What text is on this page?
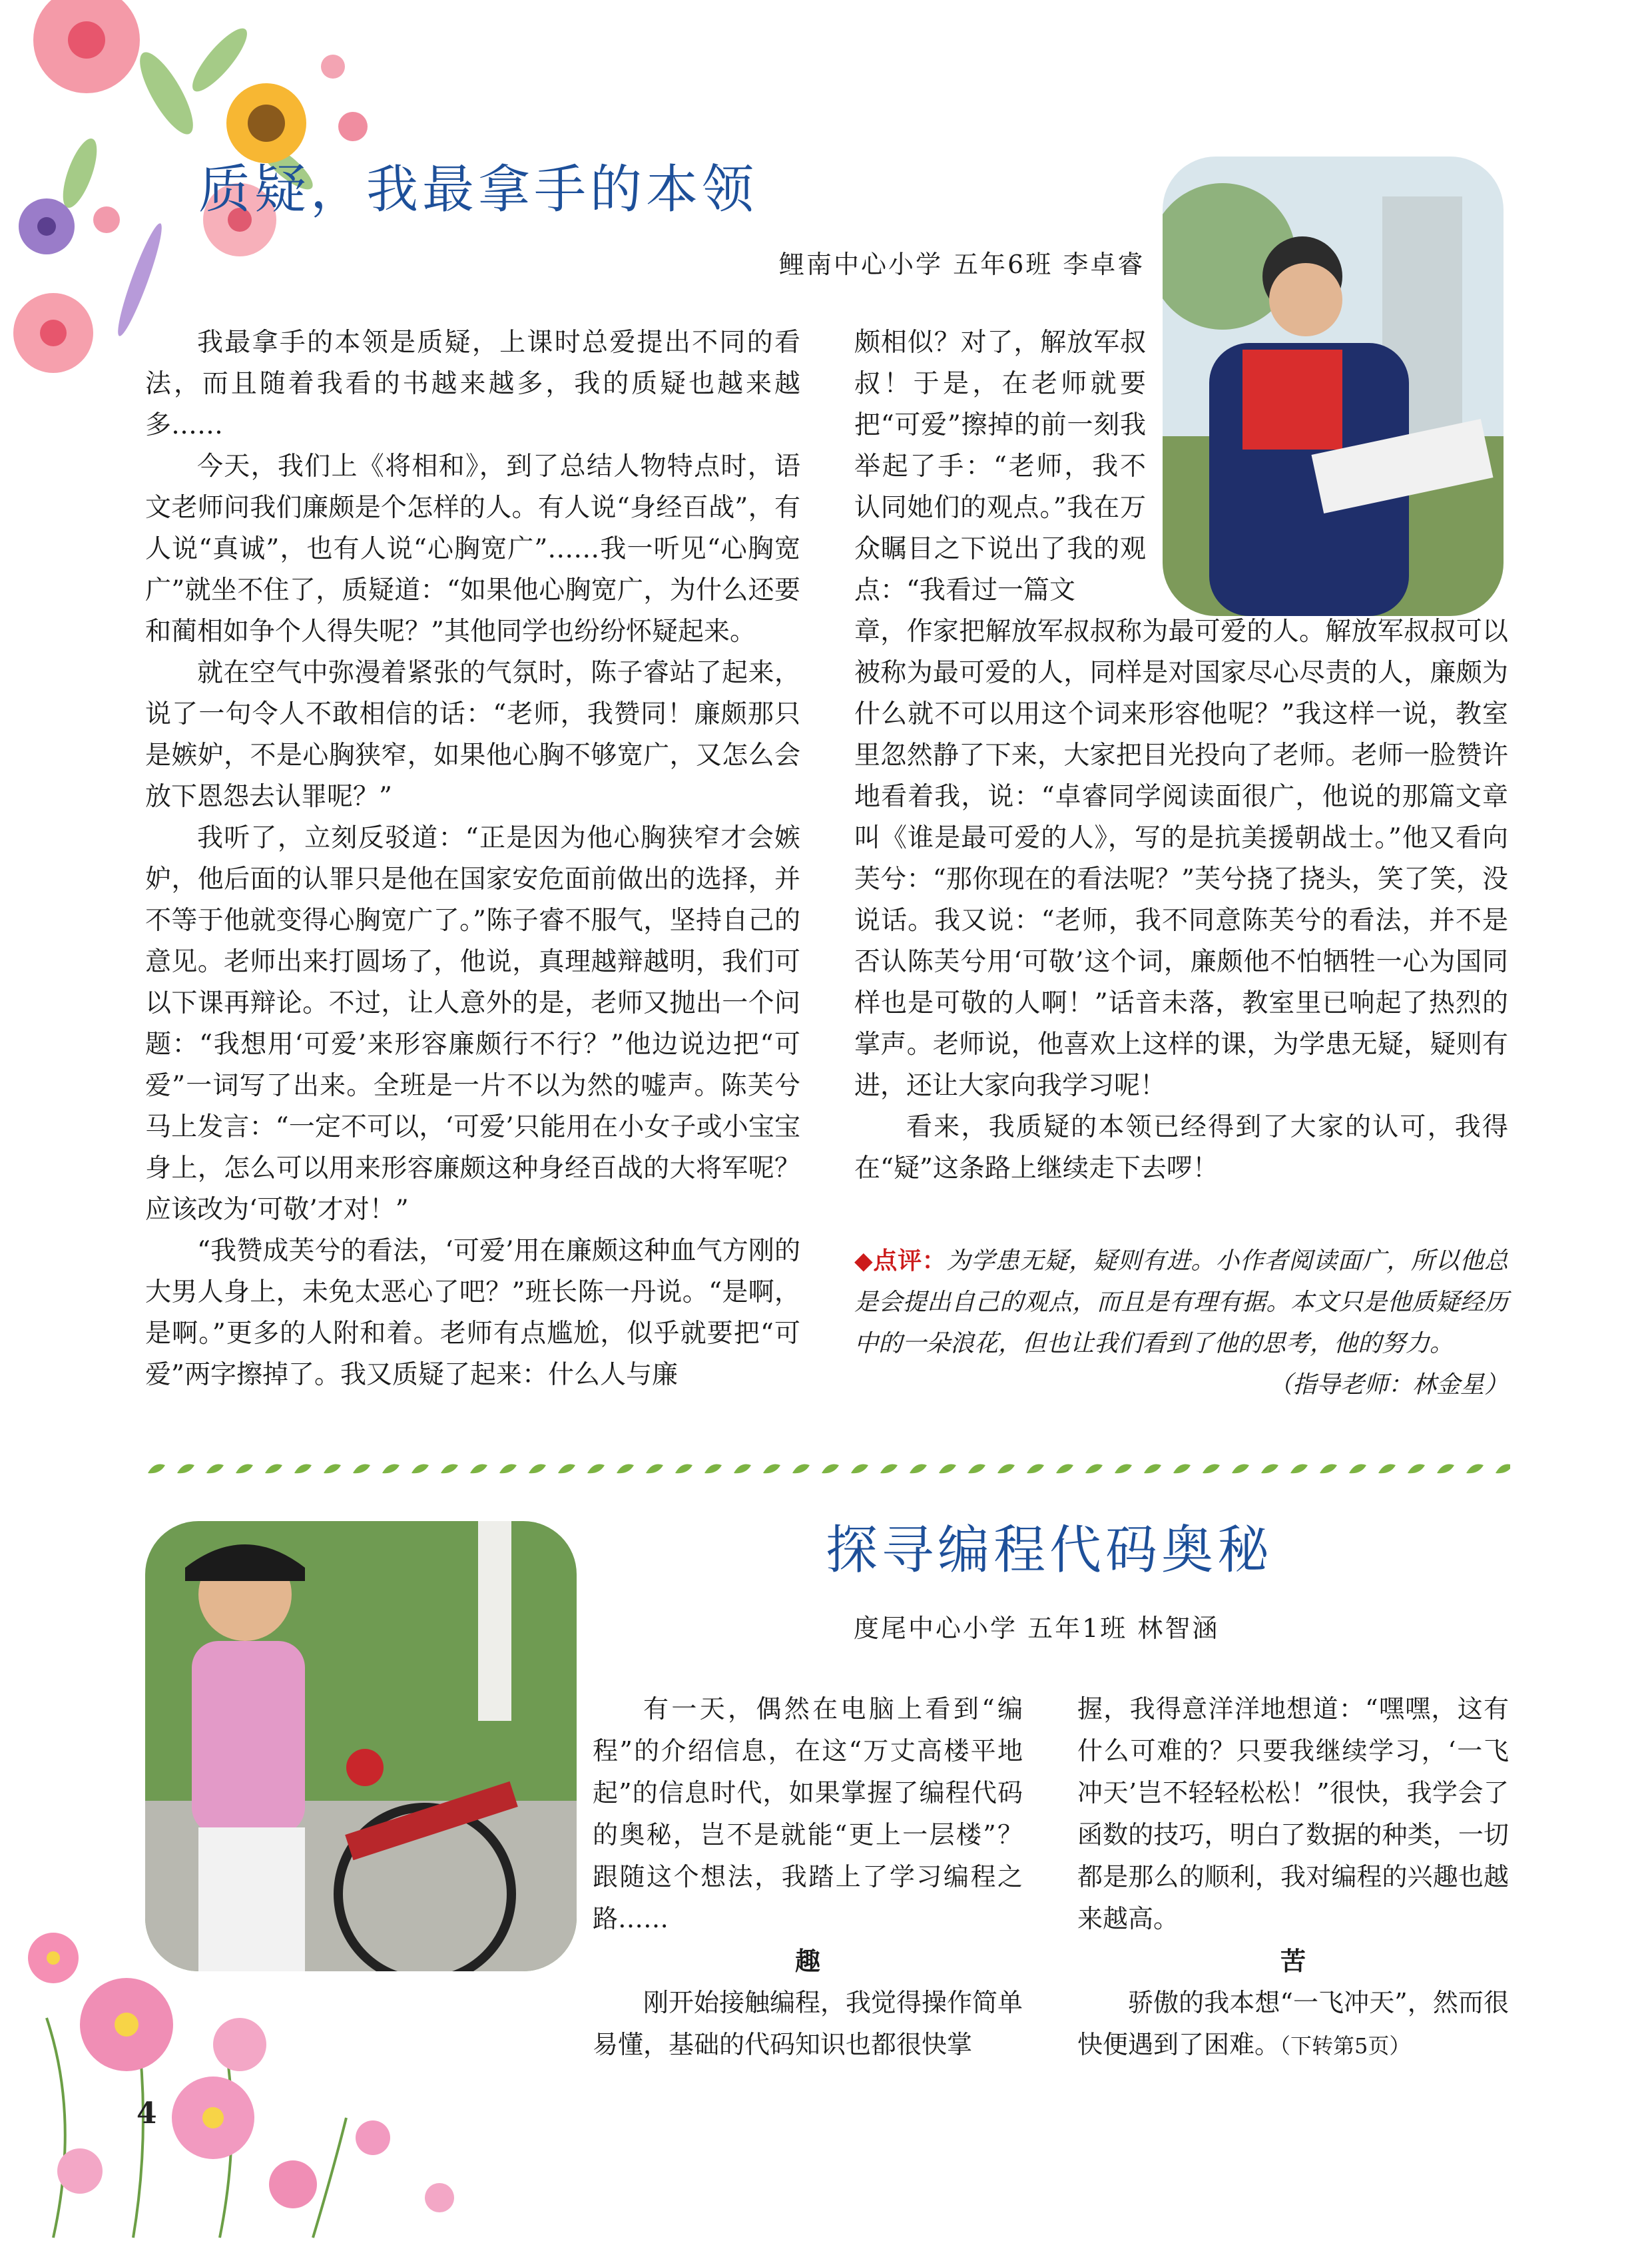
质疑，我最拿手的本领
鲤南中心小学 五年6班 李卓睿

我最拿手的本领是质疑，上课时总爱提出不同的看法，而且随着我看的书越来越多，我的质疑也越来越多……

今天，我们上《将相和》，到了总结人物特点时，语文老师问我们廉颇是个怎样的人。有人说“身经百战”，有人说“真诚”，也有人说“心胸宽广”……我一听见“心胸宽广”就坐不住了，质疑道：“如果他心胸宽广，为什么还要和蔺相如争个人得失呢？”其他同学也纷纷怀疑起来。

就在空气中弥漫着紧张的气氛时，陈子睿站了起来，说了一句令人不敢相信的话：“老师，我赞同！廉颇那只是嫉妒，不是心胸狭窄，如果他心胸不够宽广，又怎么会放下恩怨去认罪呢？”

我听了，立刻反驳道：“正是因为他心胸狭窄才会嫉妒，他后面的认罪只是他在国家安危面前做出的选择，并不等于他就变得心胸宽广了。”陈子睿不服气，坚持自己的意见。老师出来打圆场了，他说，真理越辩越明，我们可以下课再辩论。不过，让人意外的是，老师又抛出一个问题：“我想用‘可爱’来形容廉颇行不行？”他边说边把“可爱”一词写了出来。全班是一片不以为然的嘘声。陈芙兮马上发言：“一定不可以，‘可爱’只能用在小女子或小宝宝身上，怎么可以用来形容廉颇这种身经百战的大将军呢？应该改为‘可敬’才对！”

“我赞成芙兮的看法，‘可爱’用在廉颇这种血气方刚的大男人身上，未免太恶心了吧？”班长陈一丹说。“是啊，是啊。”更多的人附和着。老师有点尴尬，似乎就要把“可爱”两字擦掉了。我又质疑了起来：什么人与廉

颇相似？对了，解放军叔叔！于是，在老师就要把“可爱”擦掉的前一刻我举起了手：“老师，我不认同她们的观点。”我在万众瞩目之下说出了我的观点：“我看过一篇文

章，作家把解放军叔叔称为最可爱的人。解放军叔叔可以被称为最可爱的人，同样是对国家尽心尽责的人，廉颇为什么就不可以用这个词来形容他呢？”我这样一说，教室里忽然静了下来，大家把目光投向了老师。老师一脸赞许地看着我，说：“卓睿同学阅读面很广，他说的那篇文章叫《谁是最可爱的人》，写的是抗美援朝战士。”他又看向芙兮：“那你现在的看法呢？”芙兮挠了挠头，笑了笑，没说话。我又说：“老师，我不同意陈芙兮的看法，并不是否认陈芙兮用‘可敬’这个词，廉颇他不怕牺牲一心为国同样也是可敬的人啊！”话音未落，教室里已响起了热烈的掌声。老师说，他喜欢上这样的课，为学患无疑，疑则有进，还让大家向我学习呢！

看来，我质疑的本领已经得到了大家的认可，我得在“疑”这条路上继续走下去啰！

◆点评：为学患无疑，疑则有进。小作者阅读面广，所以他总是会提出自己的观点，而且是有理有据。本文只是他质疑经历中的一朵浪花，但也让我们看到了他的思考，他的努力。
（指导老师：林金星）
探寻编程代码奥秘
度尾中心小学 五年1班 林智涵

有一天，偶然在电脑上看到“编程”的介绍信息，在这“万丈高楼平地起”的信息时代，如果掌握了编程代码的奥秘，岂不是就能“更上一层楼”？跟随这个想法，我踏上了学习编程之路……

趣

刚开始接触编程，我觉得操作简单易懂，基础的代码知识也都很快掌

握，我得意洋洋地想道：“嘿嘿，这有什么可难的？只要我继续学习，‘一飞冲天’岂不轻轻松松！”很快，我学会了函数的技巧，明白了数据的种类，一切都是那么的顺利，我对编程的兴趣也越来越高。

苦

骄傲的我本想“一飞冲天”，然而很快便遇到了困难。（下转第5页）

4
